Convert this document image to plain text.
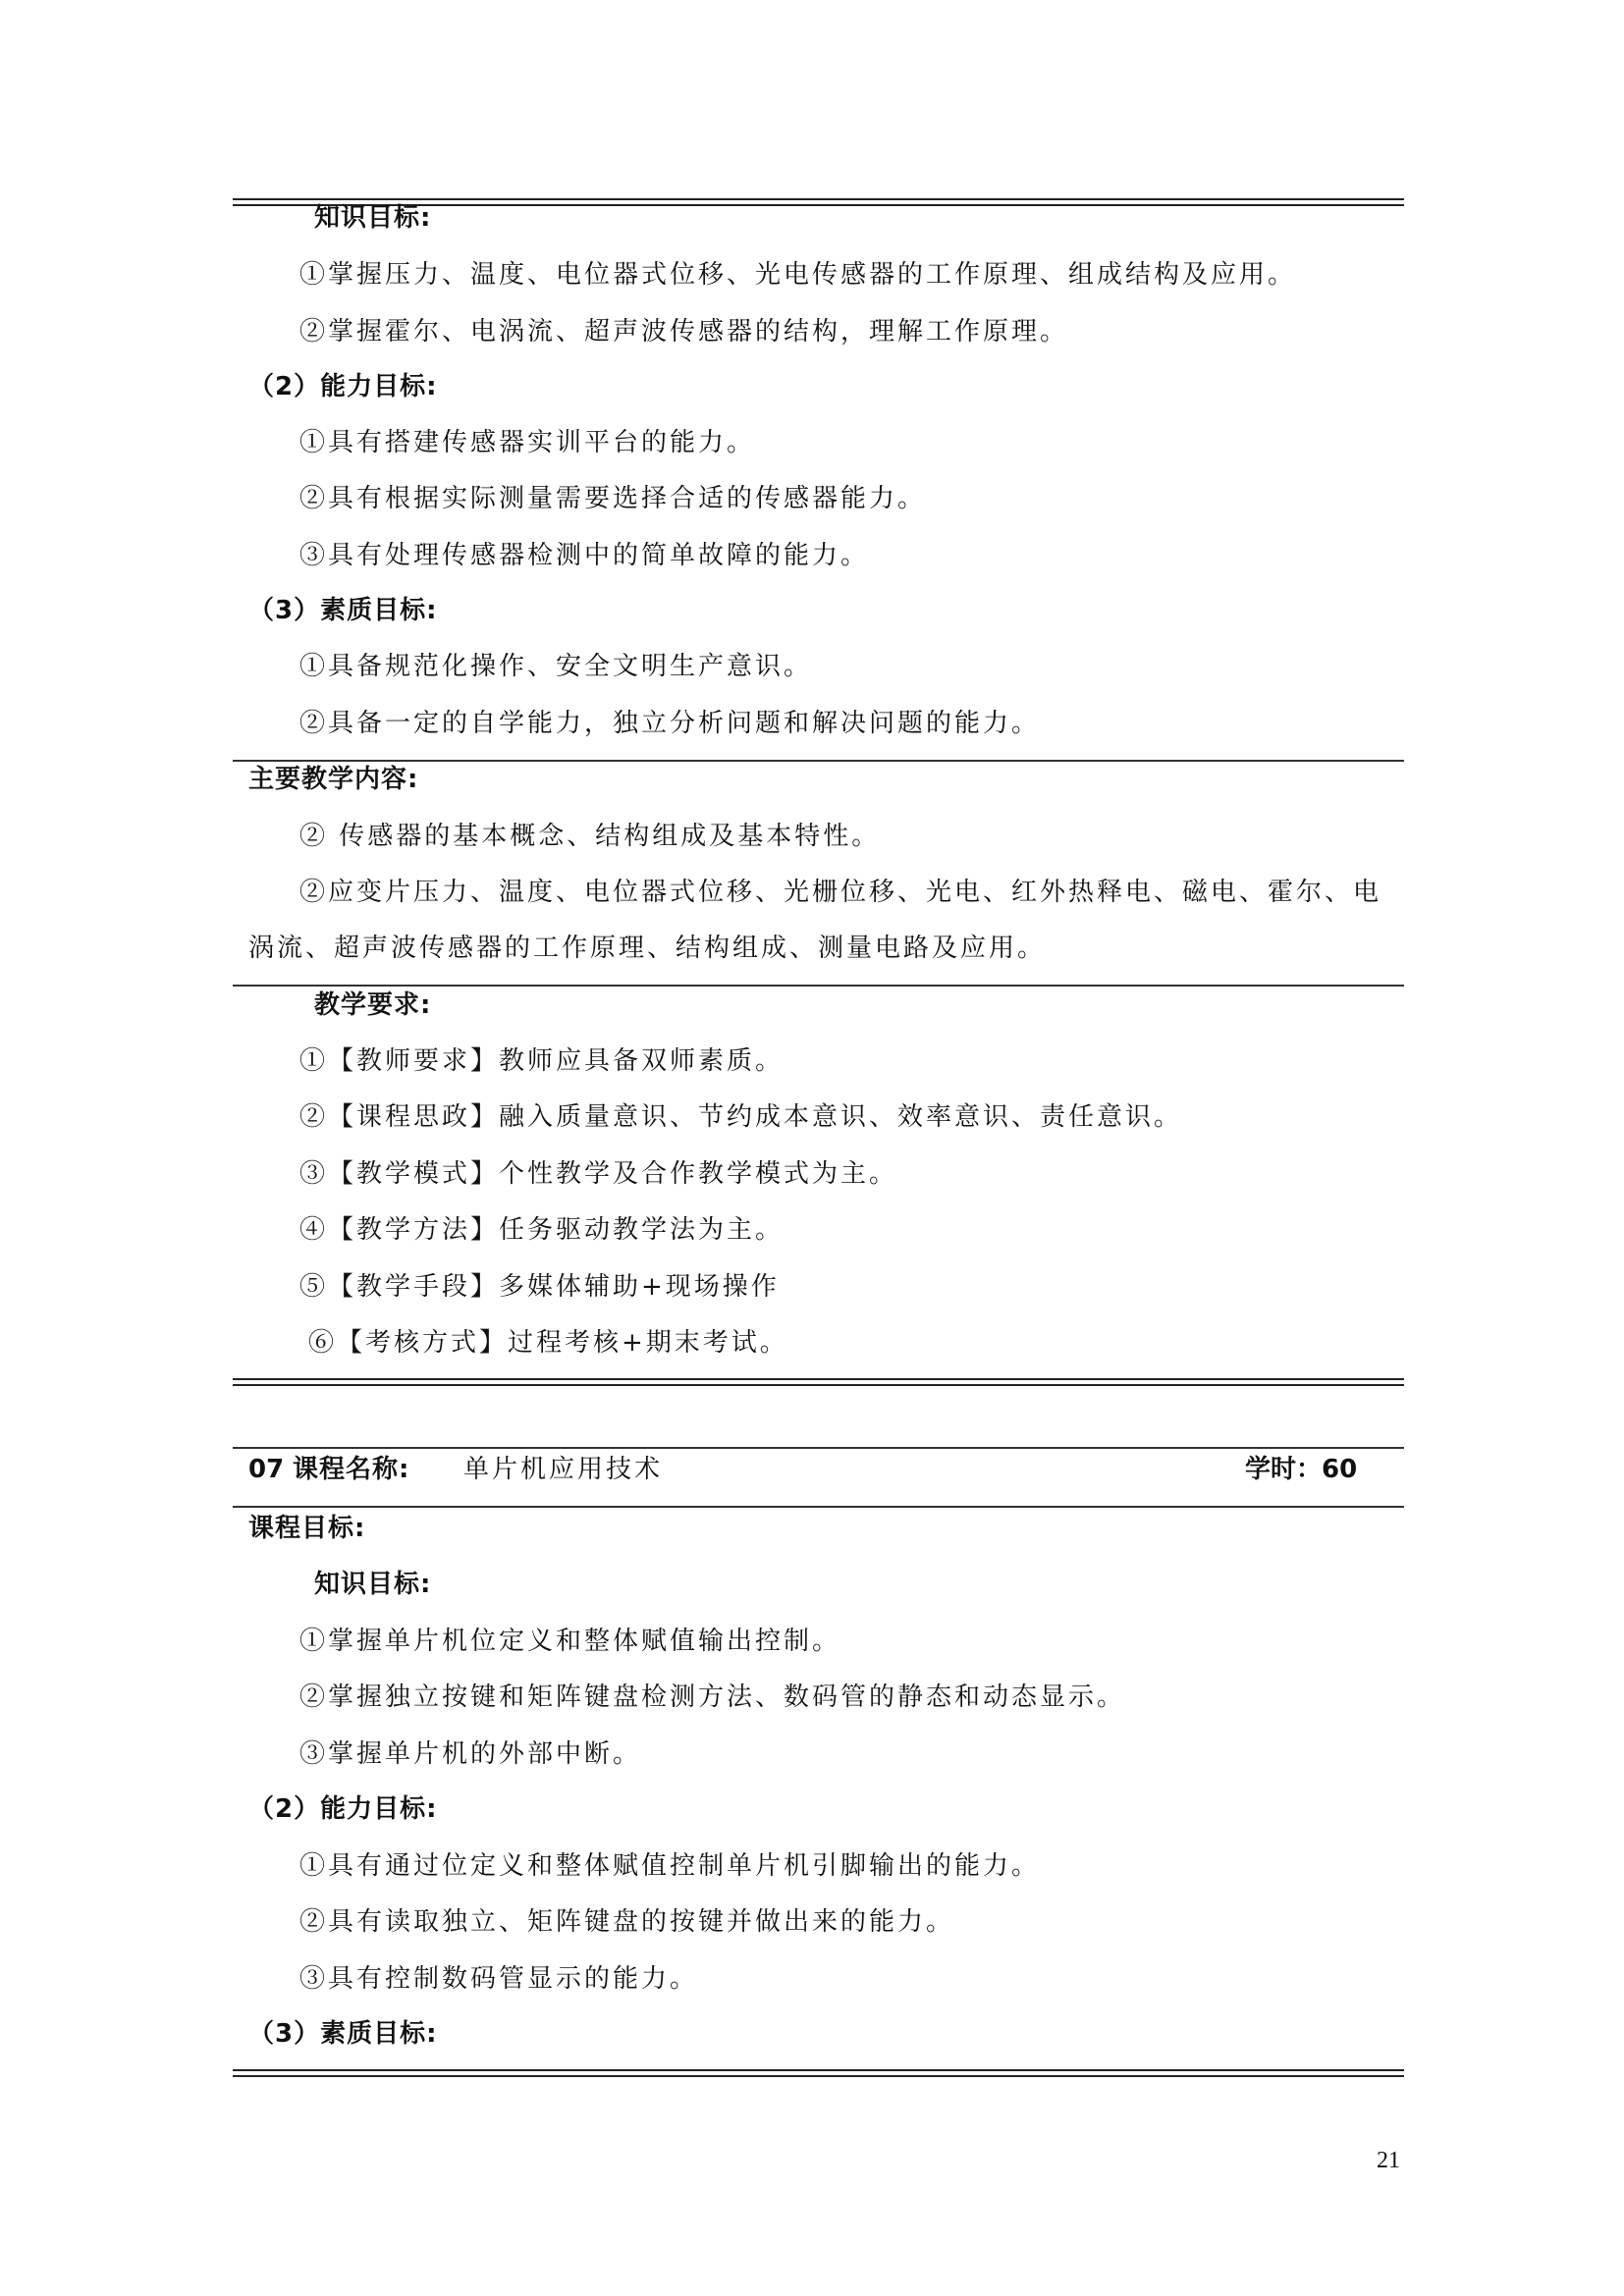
知识目标:
①掌握压力、温度、电位器式位移、光电传感器的工作原理、组成结构及应用。
②掌握霍尔、电涡流、超声波传感器的结构，理解工作原理。
（2）能力目标:
①具有搭建传感器实训平台的能力。
②具有根据实际测量需要选择合适的传感器能力。
③具有处理传感器检测中的简单故障的能力。
（3）素质目标:
①具备规范化操作、安全文明生产意识。
②具备一定的自学能力，独立分析问题和解决问题的能力。
主要教学内容:
② 传感器的基本概念、结构组成及基本特性。
②应变片压力、温度、电位器式位移、光栅位移、光电、红外热释电、磁电、霍尔、电
涡流、超声波传感器的工作原理、结构组成、测量电路及应用。
教学要求:
①【教师要求】教师应具备双师素质。
②【课程思政】融入质量意识、节约成本意识、效率意识、责任意识。
③【教学模式】个性教学及合作教学模式为主。
④【教学方法】任务驱动教学法为主。
⑤【教学手段】多媒体辅助+现场操作
⑥【考核方式】过程考核+期末考试。
07 课程名称: 单片机应用技术	学时：60
课程目标:
知识目标:
①掌握单片机位定义和整体赋值输出控制。
②掌握独立按键和矩阵键盘检测方法、数码管的静态和动态显示。
③掌握单片机的外部中断。
（2）能力目标:
①具有通过位定义和整体赋值控制单片机引脚输出的能力。
②具有读取独立、矩阵键盘的按键并做出来的能力。
③具有控制数码管显示的能力。
（3）素质目标:
21
